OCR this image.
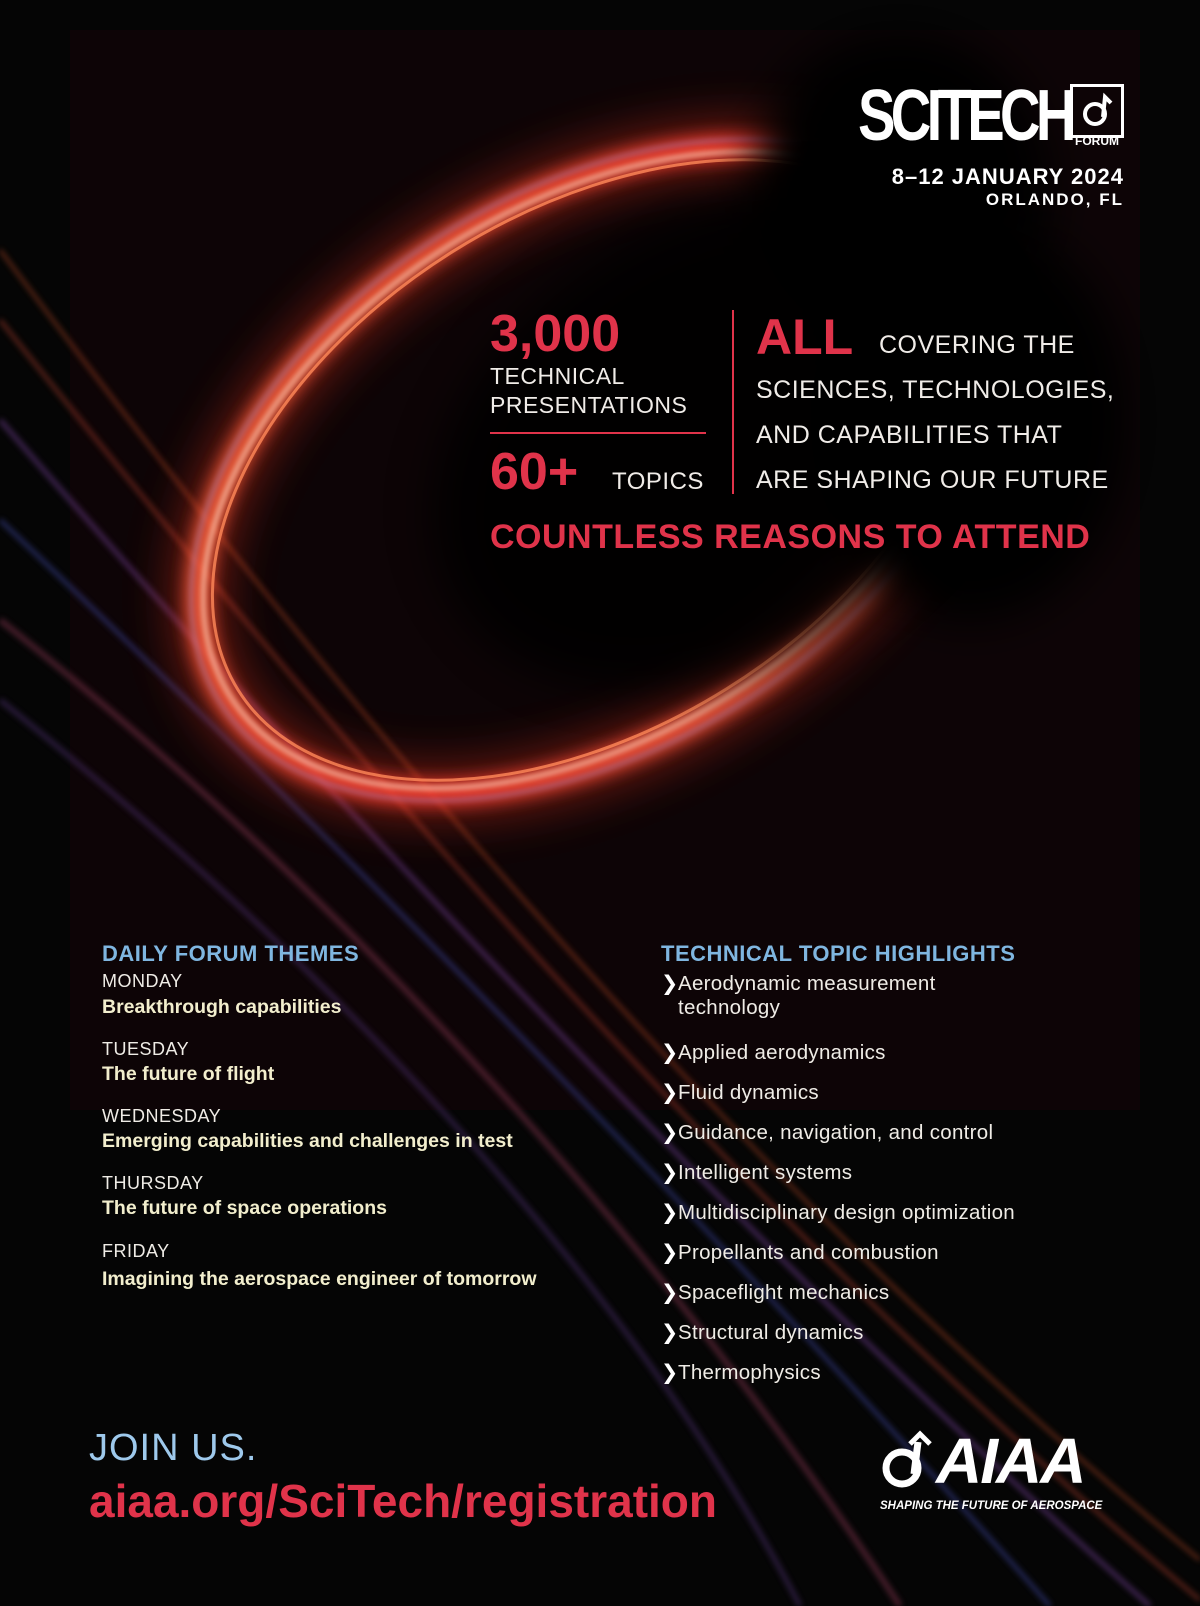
SCITECH FORUM
8–12 JANUARY 2024
ORLANDO, FL
3,000
TECHNICAL
PRESENTATIONS
60+ TOPICS
ALL COVERING THE
SCIENCES, TECHNOLOGIES,
AND CAPABILITIES THAT
ARE SHAPING OUR FUTURE
COUNTLESS REASONS TO ATTEND
DAILY FORUM THEMES
MONDAY
Breakthrough capabilities
TUESDAY
The future of flight
WEDNESDAY
Emerging capabilities and challenges in test
THURSDAY
The future of space operations
FRIDAY
Imagining the aerospace engineer of tomorrow
TECHNICAL TOPIC HIGHLIGHTS
❯Aerodynamic measurement
technology
❯Applied aerodynamics
❯Fluid dynamics
❯Guidance, navigation, and control
❯Intelligent systems
❯Multidisciplinary design optimization
❯Propellants and combustion
❯Spaceflight mechanics
❯Structural dynamics
❯Thermophysics
JOIN US.
aiaa.org/SciTech/registration
AIAA
SHAPING THE FUTURE OF AEROSPACE
